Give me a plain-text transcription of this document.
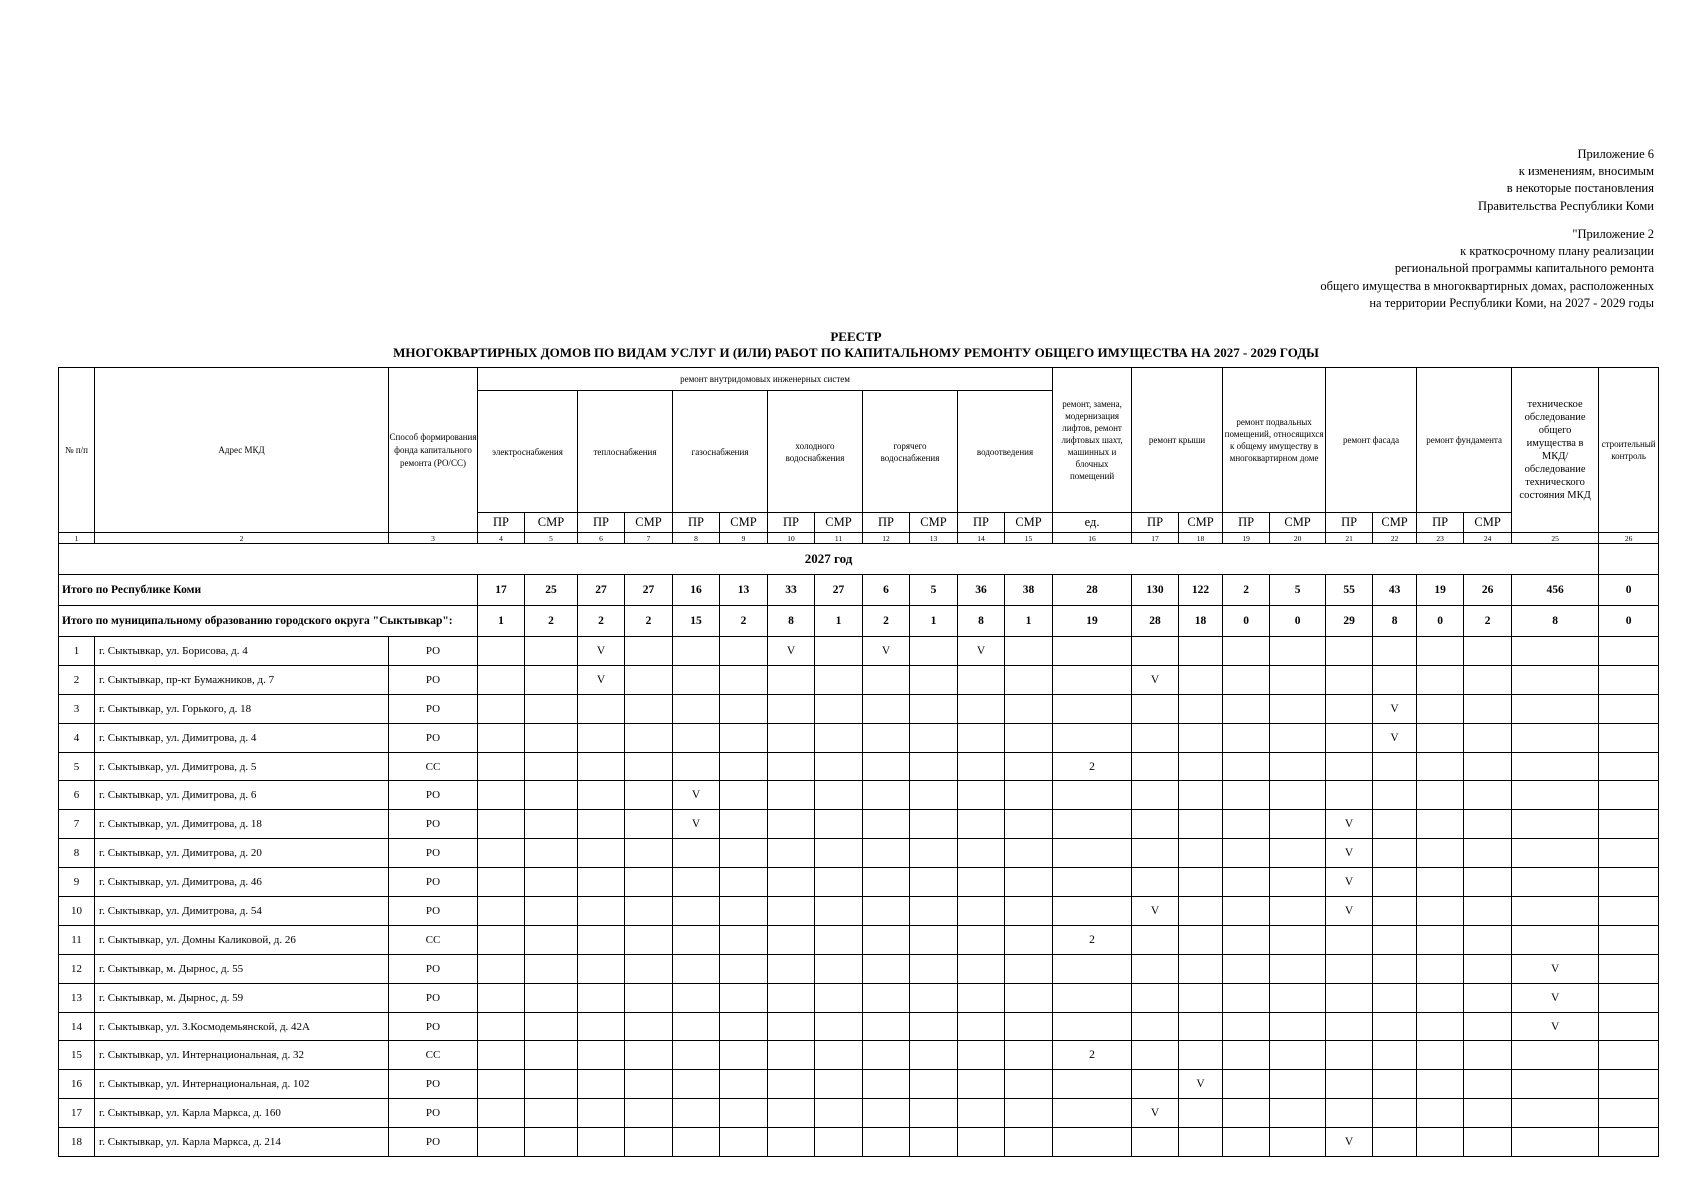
Приложение 6
к изменениям, вносимым
в некоторые постановления
Правительства Республики Коми
"Приложение 2
к краткосрочному плану реализации
региональной программы капитального ремонта
общего имущества в многоквартирных домах, расположенных
на территории Республики Коми, на 2027 - 2029 годы
РЕЕСТР
МНОГОКВАРТИРНЫХ ДОМОВ ПО ВИДАМ УСЛУГ И (ИЛИ) РАБОТ ПО КАПИТАЛЬНОМУ РЕМОНТУ ОБЩЕГО ИМУЩЕСТВА НА 2027 - 2029 ГОДЫ
№ п/п	Адрес МКД	Способ формирования фонда капитального ремонта (РО/СС)	ремонт внутридомовых инженерных систем												ремонт, замена, модернизация лифтов, ремонт лифтовых шахт, машинных и блочных помещений	ремонт крыши		ремонт подвальных помещений, относящихся к общему имуществу в многоквартирном доме		ремонт фасада		ремонт фундамента		техническое обследование общего имущества в МКД/обследование технического состояния МКД	строительный контроль
			электроснабжения		теплоснабжения		газоснабжения		холодного водоснабжения		горячего водоснабжения		водоотведения												
			ПР	СМР	ПР	СМР	ПР	СМР	ПР	СМР	ПР	СМР	ПР	СМР	ед.	ПР	СМР	ПР	СМР	ПР	СМР	ПР	СМР		
1	2	3	4	5	6	7	8	9	10	11	12	13	14	15	16	17	18	19	20	21	22	23	24	25	26
2027 год																									
Итого по Республике Коми			17	25	27	27	16	13	33	27	6	5	36	38	28	130	122	2	5	55	43	19	26	456	0
Итого по муниципальному образованию городского округа "Сыктывкар":			1	2	2	2	15	2	8	1	2	1	8	1	19	28	18	0	0	29	8	0	2	8	0
1	г. Сыктывкар, ул. Борисова, д. 4	РО			V				V		V		V												
2	г. Сыктывкар, пр-кт Бумажников, д. 7	РО			V											V									
3	г. Сыктывкар, ул. Горького, д. 18	РО																			V				
4	г. Сыктывкар, ул. Димитрова, д. 4	РО																			V				
5	г. Сыктывкар, ул. Димитрова, д. 5	СС													2										
6	г. Сыктывкар, ул. Димитрова, д. 6	РО					V																		
7	г. Сыктывкар, ул. Димитрова, д. 18	РО					V													V					
8	г. Сыктывкар, ул. Димитрова, д. 20	РО																		V					
9	г. Сыктывкар, ул. Димитрова, д. 46	РО																		V					
10	г. Сыктывкар, ул. Димитрова, д. 54	РО														V				V					
11	г. Сыктывкар, ул. Домны Каликовой, д. 26	СС													2										
12	г. Сыктывкар, м. Дырнос, д. 55	РО																						V	
13	г. Сыктывкар, м. Дырнос, д. 59	РО																						V	
14	г. Сыктывкар, ул. З.Космодемьянской, д. 42А	РО																						V	
15	г. Сыктывкар, ул. Интернациональная, д. 32	СС													2										
16	г. Сыктывкар, ул. Интернациональная, д. 102	РО															V								
17	г. Сыктывкар, ул. Карла Маркса, д. 160	РО														V									
18	г. Сыктывкар, ул. Карла Маркса, д. 214	РО																		V					
